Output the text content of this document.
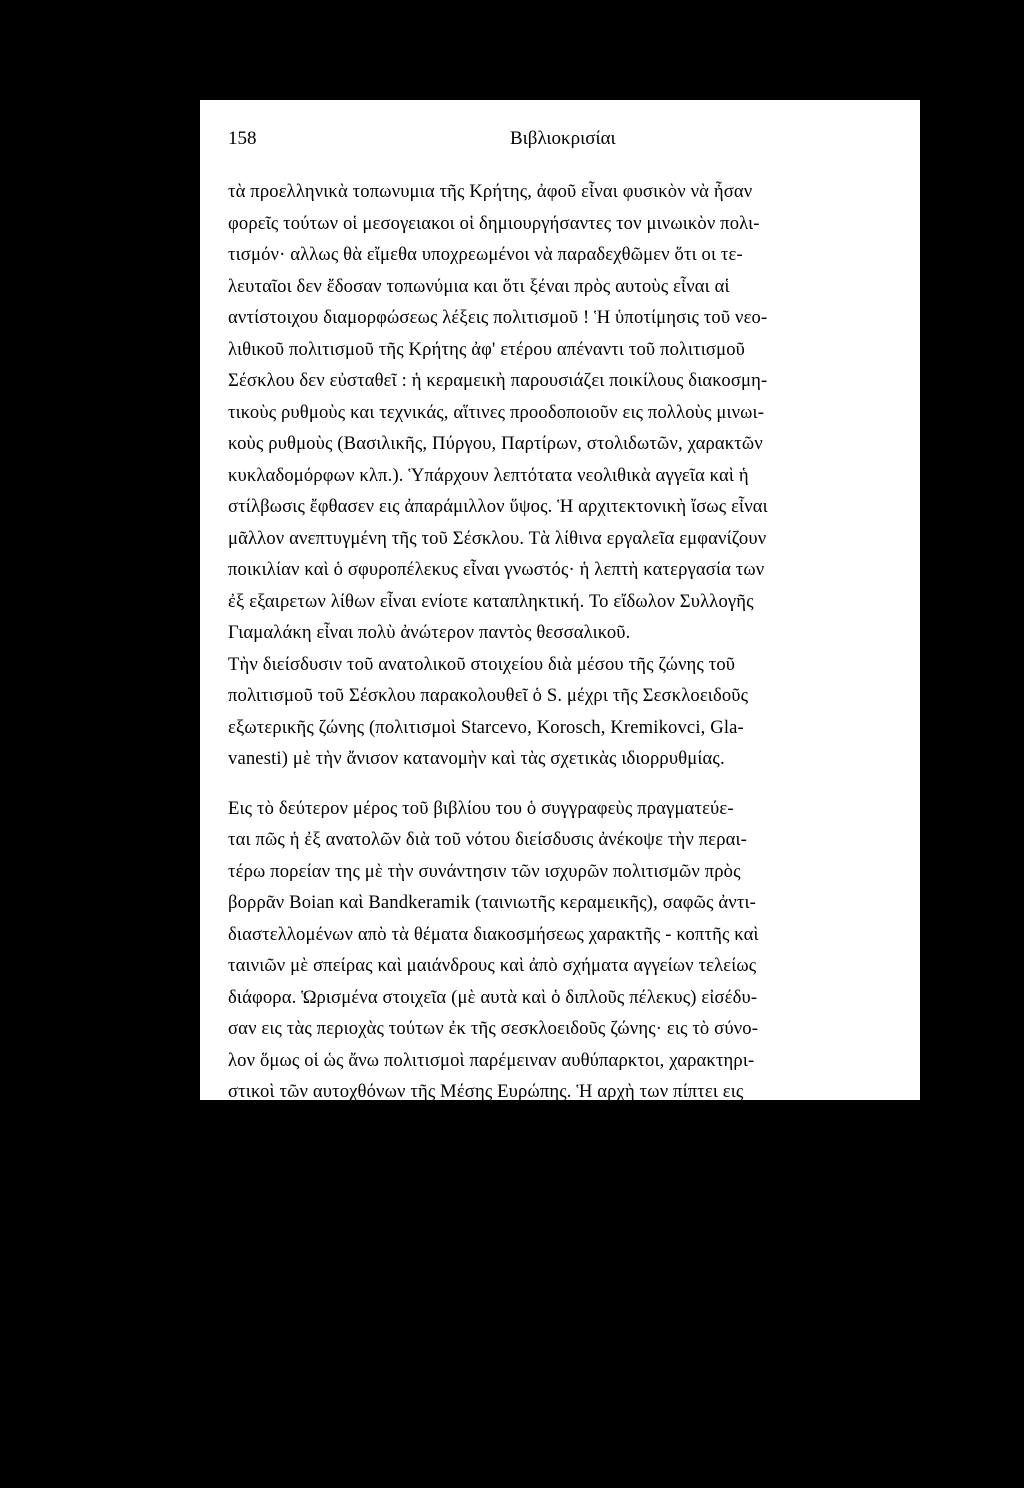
158	Βιβλιοκρισίαι
τὰ προελληνικὰ τοπωνυμια τῆς Κρήτης, ἀφοῦ εἶναι φυσικὸν νὰ ἦσαν
φορεῖς τούτων οἱ μεσογειακοι οἱ δημιουργήσαντες τον μινωικὸν πολι-
τισμόν· αλλως θὰ εἴμεθα υποχρεωμένοι νὰ παραδεχθῶμεν ὅτι οι τε-
λευταῖοι δεν ἔδοσαν τοπωνύμια και ὅτι ξέναι πρὸς αυτοὺς εἶναι αἱ
αντίστοιχου διαμορφώσεως λέξεις πολιτισμοῦ ! Ἡ ὑποτίμησις τοῦ νεο-
λιθικοῦ πολιτισμοῦ τῆς Κρήτης ἀφ' ετέρου απέναντι τοῦ πολιτισμοῦ
Σέσκλου δεν εὐσταθεῖ : ἡ κεραμεικὴ παρουσιάζει ποικίλους διακοσμη-
τικοὺς ρυθμοὺς και τεχνικάς, αἵτινες προοδοποιοῦν εις πολλοὺς μινωι-
κοὺς ρυθμοὺς (Βασιλικῆς, Πύργου, Παρτίρων, στολιδωτῶν, χαρακτῶν
κυκλαδομόρφων κλπ.). Ὑπάρχουν λεπτότατα νεολιθικὰ αγγεῖα καὶ ἡ
στίλβωσις ἔφθασεν εις ἀπαράμιλλον ὕψος. Ἡ αρχιτεκτονικὴ ἴσως εἶναι
μᾶλλον ανεπτυγμένη τῆς τοῦ Σέσκλου. Τὰ λίθινα εργαλεῖα εμφανίζουν
ποικιλίαν καὶ ὁ σφυροπέλεκυς εἶναι γνωστός· ἡ λεπτὴ κατεργασία των
ἐξ εξαιρετων λίθων εἶναι ενίοτε καταπληκτική. Το εἴδωλον Συλλογῆς
Γιαμαλάκη εἶναι πολὺ ἀνώτερον παντὸς θεσσαλικοῦ.
Τὴν διείσδυσιν τοῦ ανατολικοῦ στοιχείου διὰ μέσου τῆς ζώνης τοῦ
πολιτισμοῦ τοῦ Σέσκλου παρακολουθεῖ ὁ S. μέχρι τῆς Σεσκλοειδοῦς
εξωτερικῆς ζώνης (πολιτισμοὶ Starcevo, Korosch, Kremikovci, Gla-
vanesti) μὲ τὴν ἄνισον κατανομὴν καὶ τὰς σχετικὰς ιδιορρυθμίας.
Εις τὸ δεύτερον μέρος τοῦ βιβλίου του ὁ συγγραφεὺς πραγματεύε-
ται πῶς ἡ ἐξ ανατολῶν διὰ τοῦ νότου διείσδυσις ἀνέκοψε τὴν περαι-
τέρω πορείαν της μὲ τὴν συνάντησιν τῶν ισχυρῶν πολιτισμῶν πρὸς
βορρᾶν Boian καὶ Bandkeramik (ταινιωτῆς κεραμεικῆς), σαφῶς ἀντι-
διαστελλομένων απὸ τὰ θέματα διακοσμήσεως χαρακτῆς - κοπτῆς καὶ
ταινιῶν μὲ σπείρας καὶ μαιάνδρους καὶ ἀπὸ σχήματα αγγείων τελείως
διάφορα. Ὡρισμένα στοιχεῖα (μὲ αυτὰ καὶ ὁ διπλοῦς πέλεκυς) εἰσέδυ-
σαν εις τὰς περιοχὰς τούτων ἐκ τῆς σεσκλοειδοῦς ζώνης· εις τὸ σύνο-
λον ὅμως οἱ ὡς ἄνω πολιτισμοὶ παρέμειναν αυθύπαρκτοι, χαρακτηρι-
στικοὶ τῶν αυτοχθόνων τῆς Μέσης Ευρώπης. Ἡ αρχὴ των πίπτει εις
τὸ τέλος τῆς 5ης χιλιετηρίδος.
Κατὰ τὴν νεωτέραν νεολιθικὴν περίοδον μεταξὺ τῶν περιοχῶν τοῦ
Δουνάβεως γίνεται ολόκληρος σειρὰ αλληλεπιδράσεων, τὰς ὁποίας ἀνα
λύει ὁ συγγραφεύς. Οἱ ρυθμοὶ κεραμεικῆς γίνονται ουτω ποικιλώτεροι
καὶ μὲ δυναμικώτερον περιεχόμενον. Ἰδίως παρουσιάζεται ως ενδια-
φέρουσα ἡ εἴσοδος εις τὴν περιοχὴν τῆς εξωτερικῆς Σεσκλοειδοῦς ζώ-
νης νέων σχημάτων, ως τῆς ὀπωροδόχης καὶ τοῦ μετὰ κωνικοῦ λαιμοῦ
μὲ φουσκωτὴν κοιλίαν δοχείου, καὶ διακοσμήσεων ως τῆς θεούσης
σπείρας καὶ τῆς συστροφῆς, ἡ οποία μετέβαλε τὴν ἐμφάνισιν τῆς κε-
ραμεικῆς καὶ ἐδημιούργησεν εἶδος «κοινῆς» ανατολικῆς ταινιωτῆς κε-
